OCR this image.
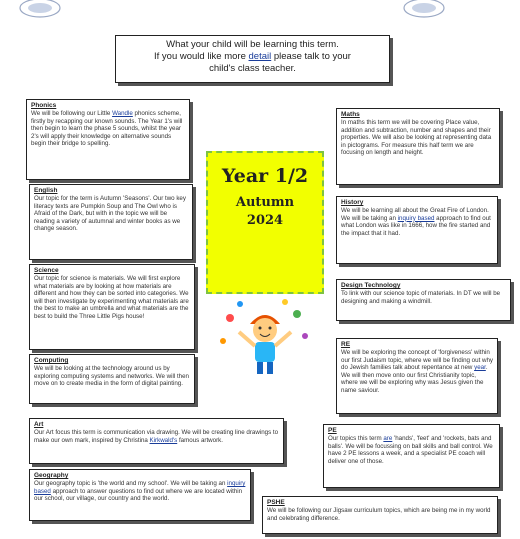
What your child will be learning this term.
If you would like more detail please talk to your
child's class teacher.
Year 1/2
Autumn
2024
Phonics

We will be following our Little Wandle phonics scheme, firstly by recapping our known sounds. The Year 1's will then begin to learn the phase 5 sounds, whilst the year 2's will apply their knowledge on alternative sounds begin their bridge to spelling.

English

Our topic for the term is Autumn 'Seasons'. Our two key literacy texts are Pumpkin Soup and The Owl who is Afraid of the Dark, but with in the topic we will be reading a variety of autumnal and winter books as we change season.

Science

Our topic for science is materials. We will first explore what materials are by looking at how materials are different and how they can be sorted into categories. We will then investigate by experimenting what materials are the best to make an umbrella and what materials are the best to build the Three Little Pigs house!

Computing

We will be looking at the technology around us by exploring computing systems and networks. We will then move on to create media in the form of digital painting.

Art

Our Art focus this term is communication via drawing. We will be creating line drawings to make our own mark, inspired by Christina Kirkwald's famous artwork.

Geography

Our geography topic is 'the world and my school'. We will be taking an inquiry based approach to answer questions to find out where we are located within our school, our village, our country and the world.

Maths

In maths this term we will be covering Place value, addition and subtraction, number and shapes and their properties. We will also be looking at representing data in pictograms. For measure this half term we are focusing on length and height.

History

We will be learning all about the Great Fire of London. We will be taking an inquiry based approach to find out what London was like in 1666, how the fire started and the impact that it had.

Design Technology

To link with our science topic of materials. In DT we will be designing and making a windmill.

RE

We will be exploring the concept of 'forgiveness' within our first Judaism topic, where we will be finding out why do Jewish families talk about repentance at new year. We will then move onto our first Christianity topic, where we will be exploring why was Jesus given the name saviour.

PE

Our topics this term are 'hands', 'feet' and 'rockets, bats and balls'. We will be focussing on ball skills and ball control. We have 2 PE lessons a week, and a specialist PE coach will deliver one of those.

PSHE

We will be following our Jigsaw curriculum topics, which are being me in my world and celebrating difference.
